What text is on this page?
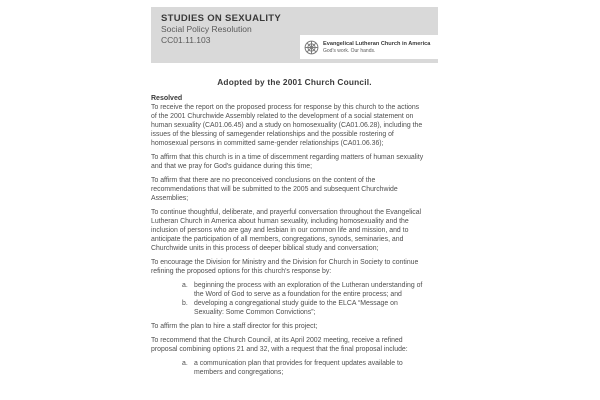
STUDIES ON SEXUALITY
Social Policy Resolution
CC01.11.103	Evangelical Lutheran Church in America
God's work. Our hands.
Adopted by the 2001 Church Council.
Resolved

To receive the report on the proposed process for response by this church to the actions of the 2001 Churchwide Assembly related to the development of a social statement on human sexuality (CA01.06.45) and a study on homosexuality (CA01.06.28), including the issues of the blessing of samegender relationships and the possible rostering of homosexual persons in committed same-gender relationships (CA01.06.36);

To affirm that this church is in a time of discernment regarding matters of human sexuality and that we pray for God's guidance during this time;

To affirm that there are no preconceived conclusions on the content of the recommendations that will be submitted to the 2005 and subsequent Churchwide Assemblies;

To continue thoughtful, deliberate, and prayerful conversation throughout the Evangelical Lutheran Church in America about human sexuality, including homosexuality and the inclusion of persons who are gay and lesbian in our common life and mission, and to anticipate the participation of all members, congregations, synods, seminaries, and Churchwide units in this process of deeper biblical study and conversation;

To encourage the Division for Ministry and the Division for Church in Society to continue refining the proposed options for this church's response by:

a. beginning the process with an exploration of the Lutheran understanding of the Word of God to serve as a foundation for the entire process; and
b. developing a congregational study guide to the ELCA “Message on Sexuality: Some Common Convictions”;

To affirm the plan to hire a staff director for this project;

To recommend that the Church Council, at its April 2002 meeting, receive a refined proposal combining options 21 and 32, with a request that the final proposal include:

a. a communication plan that provides for frequent updates available to members and congregations;
